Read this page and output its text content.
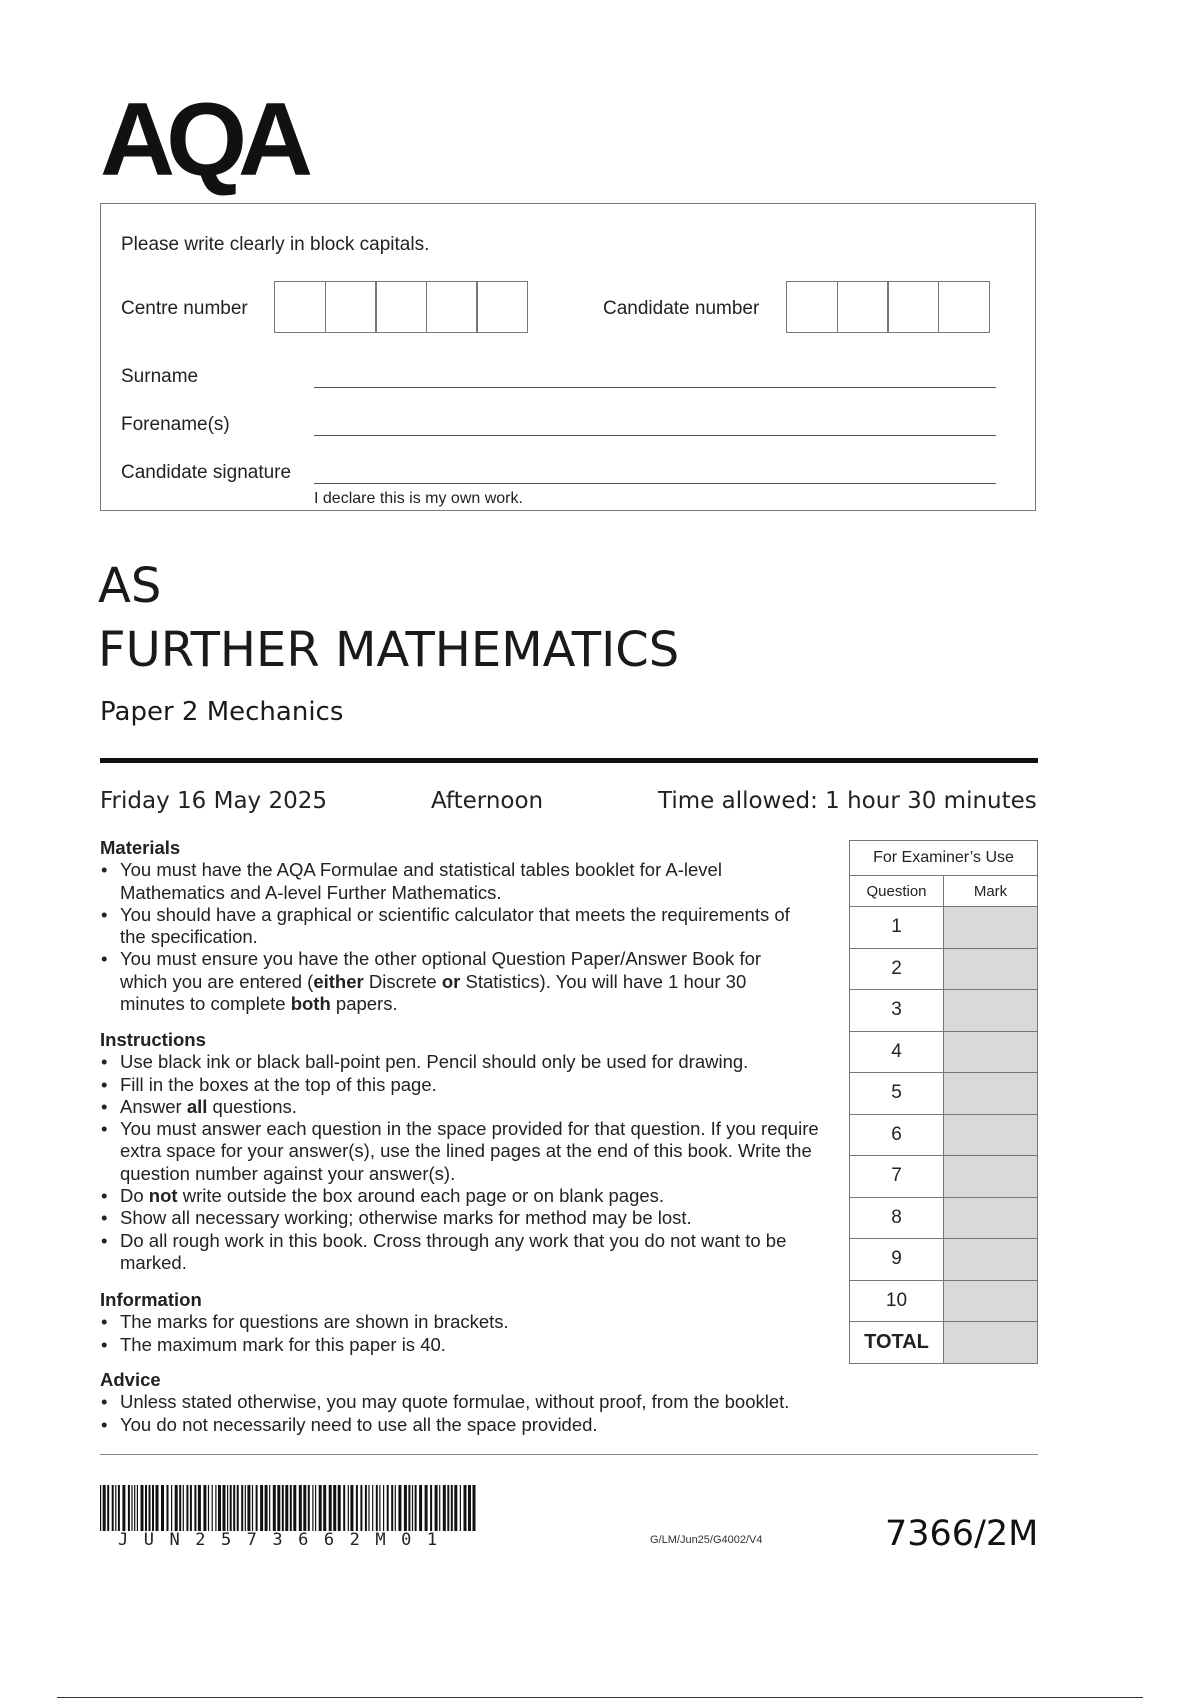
AQA
Please write clearly in block capitals.
Centre number	Candidate number
Surname
Forename(s)
Candidate signature
I declare this is my own work.
AS
FURTHER MATHEMATICS
Paper 2 Mechanics
Friday 16 May 2025	Afternoon	Time allowed: 1 hour 30 minutes
Materials
• You must have the AQA Formulae and statistical tables booklet for A-level Mathematics and A-level Further Mathematics.
• You should have a graphical or scientific calculator that meets the requirements of the specification.
• You must ensure you have the other optional Question Paper/Answer Book for which you are entered (either Discrete or Statistics). You will have 1 hour 30 minutes to complete both papers.
Instructions
• Use black ink or black ball-point pen. Pencil should only be used for drawing.
• Fill in the boxes at the top of this page.
• Answer all questions.
• You must answer each question in the space provided for that question. If you require extra space for your answer(s), use the lined pages at the end of this book. Write the question number against your answer(s).
• Do not write outside the box around each page or on blank pages.
• Show all necessary working; otherwise marks for method may be lost.
• Do all rough work in this book. Cross through any work that you do not want to be marked.
Information
• The marks for questions are shown in brackets.
• The maximum mark for this paper is 40.
Advice
• Unless stated otherwise, you may quote formulae, without proof, from the booklet.
• You do not necessarily need to use all the space provided.
For Examiner’s Use	
Question	Mark
1	
2	
3	
4	
5	
6	
7	
8	
9	
10	
TOTAL	
JUN2573662M01	G/LM/Jun25/G4002/V4	7366/2M
